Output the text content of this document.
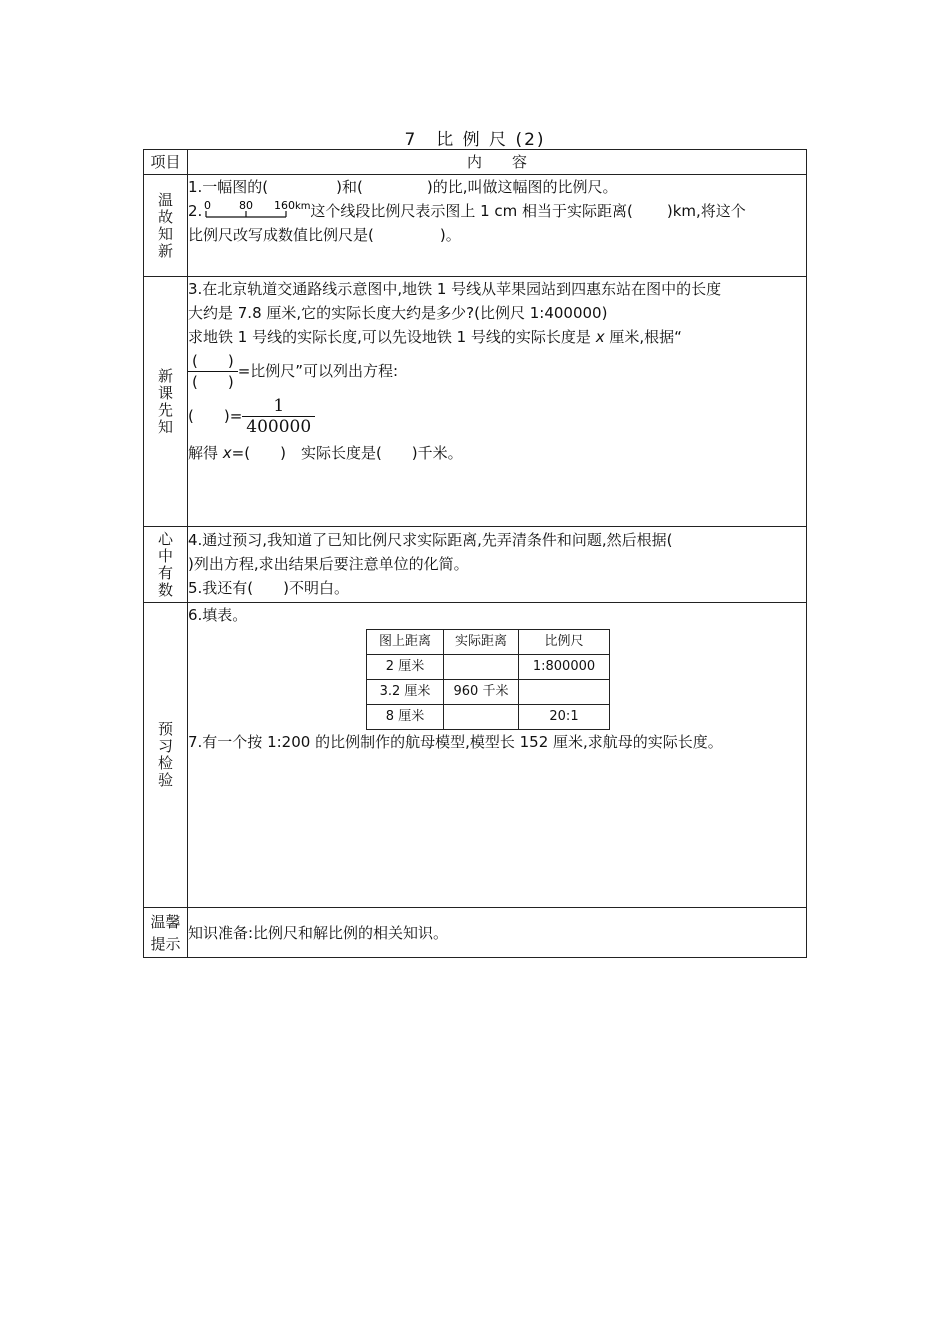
7　比 例 尺 (2)
项目	内　　容
温故知新	
1.一幅图的(	)和(	)的比,叫做这幅图的比例尺。
2. 0	80 160 km 这个线段比例尺表示图上 1 cm 相当于实际距离( )km,将这个
比例尺改写成数值比例尺是(	)。

新课先知	
3.在北京轨道交通路线示意图中,地铁 1 号线从苹果园站到四惠东站在图中的长度
大约是 7.8 厘米,它的实际长度大约是多少?(比例尺 1:400000)
求地铁 1 号线的实际长度,可以先设地铁 1 号线的实际长度是 x 厘米,根据“
$\frac{( )}{( )}$ =比例尺”可以列出方程:
(　　)= $\frac{1}{400000}$
解得 x=(　　)　实际长度是(　　)千米。

心中有数	
4.通过预习,我知道了已知比例尺求实际距离,先弄清条件和问题,然后根据(
)列出方程,求出结果后要注意单位的化简。
5.我还有(　　)不明白。

预习检验	
6.填表。
图上距离	实际距离	比例尺
2 厘米		1:800000
3.2 厘米	960 千米	
8 厘米		20:1
7.有一个按 1:200 的比例制作的航母模型,模型长 152 厘米,求航母的实际长度。

温馨提示	
知识准备:比例尺和解比例的相关知识。
